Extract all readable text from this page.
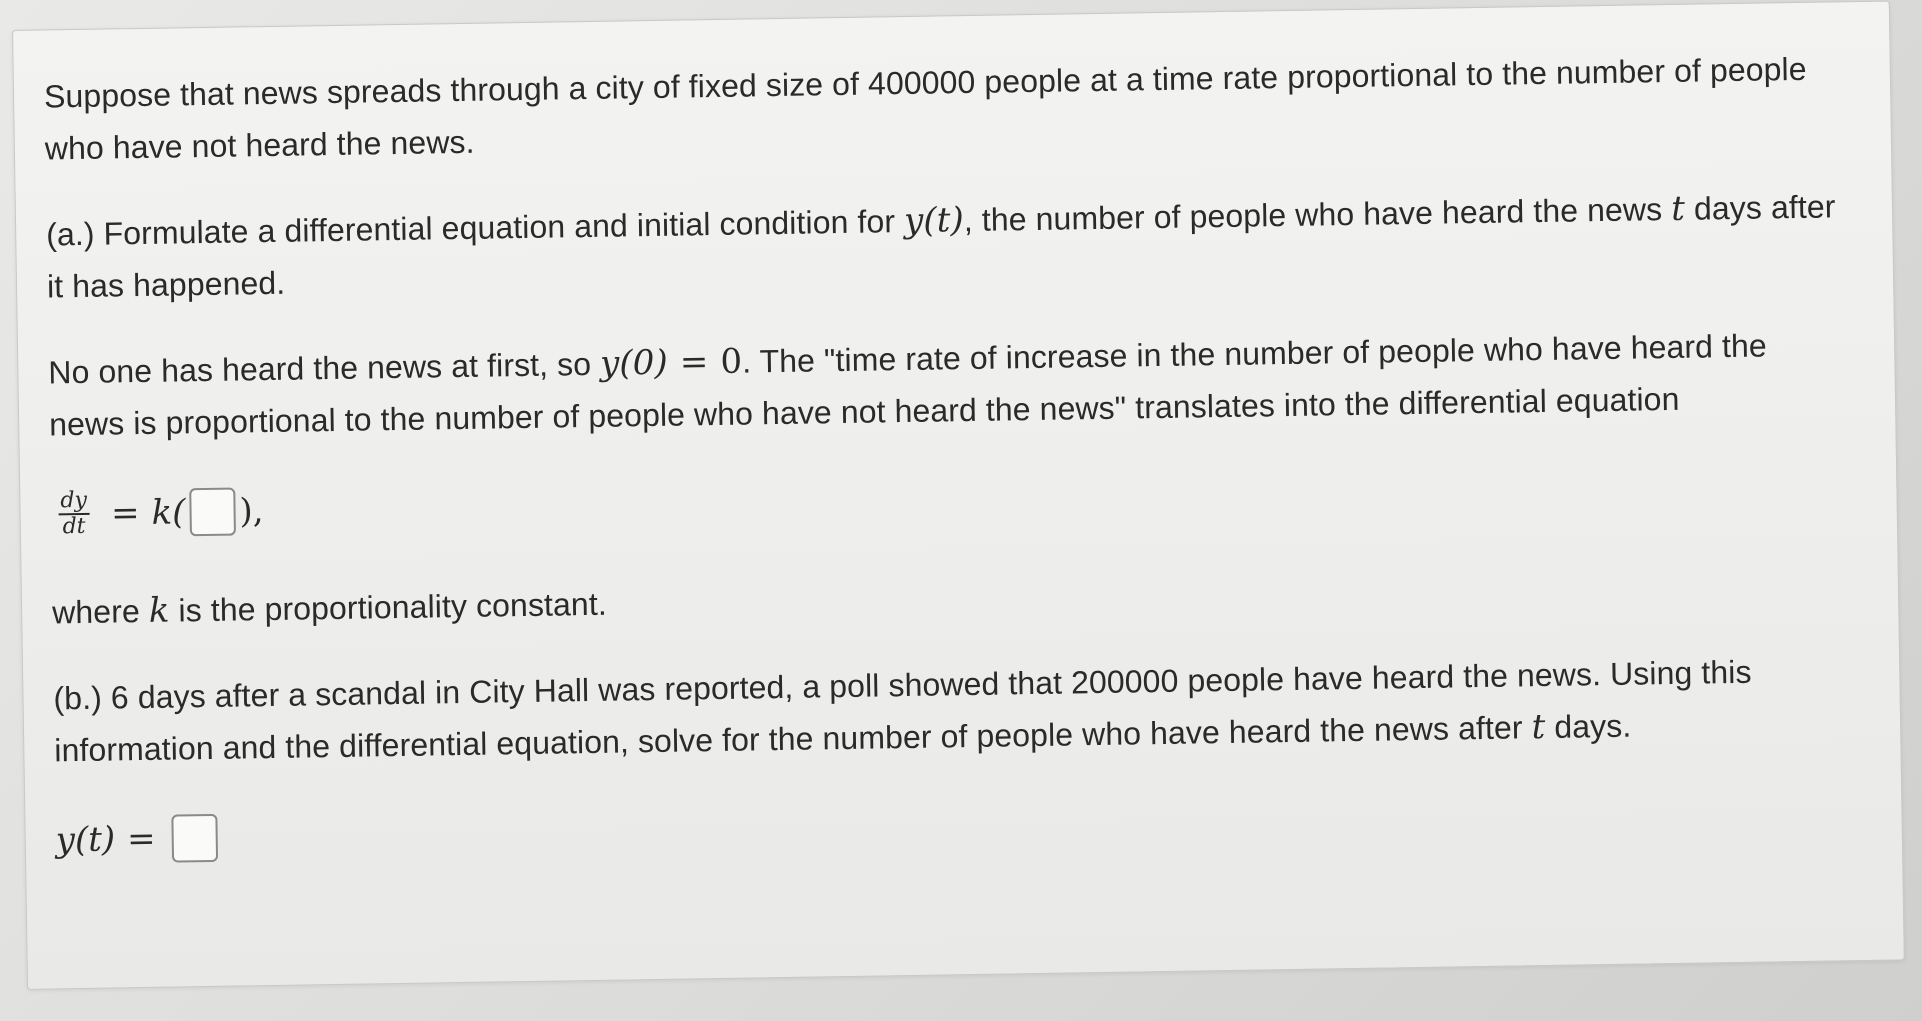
Suppose that news spreads through a city of fixed size of 400000 people at a time rate proportional to the number of people who have not heard the news.

(a.) Formulate a differential equation and initial condition for y(t), the number of people who have heard the news t days after it has happened.

No one has heard the news at first, so y(0) = 0. The "time rate of increase in the number of people who have heard the news is proportional to the number of people who have not heard the news" translates into the differential equation

$\frac{dy}{dt} = k$( ),

where k is the proportionality constant.

(b.) 6 days after a scandal in City Hall was reported, a poll showed that 200000 people have heard the news. Using this information and the differential equation, solve for the number of people who have heard the news after t days.

y(t) =
